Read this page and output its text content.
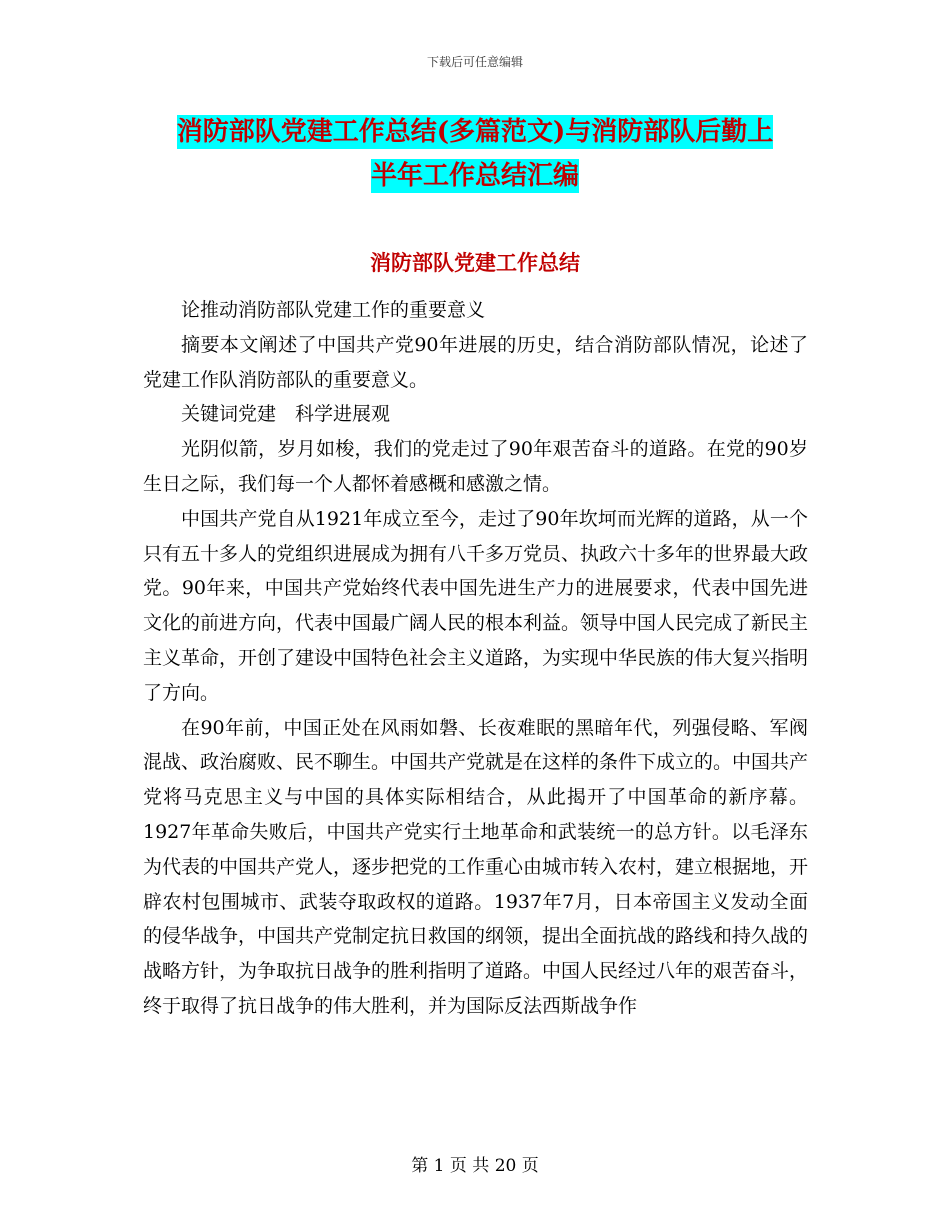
下载后可任意编辑
消防部队党建工作总结(多篇范文)与消防部队后勤上
半年工作总结汇编
消防部队党建工作总结

论推动消防部队党建工作的重要意义

摘要本文阐述了中国共产党90年进展的历史，结合消防部队情况，论述了党建工作队消防部队的重要意义。

关键词党建　科学进展观

光阴似箭，岁月如梭，我们的党走过了90年艰苦奋斗的道路。在党的90岁生日之际，我们每一个人都怀着感概和感激之情。

中国共产党自从1921年成立至今，走过了90年坎坷而光辉的道路，从一个只有五十多人的党组织进展成为拥有八千多万党员、执政六十多年的世界最大政党。90年来，中国共产党始终代表中国先进生产力的进展要求，代表中国先进文化的前进方向，代表中国最广阔人民的根本利益。领导中国人民完成了新民主主义革命，开创了建设中国特色社会主义道路，为实现中华民族的伟大复兴指明了方向。

在90年前，中国正处在风雨如磐、长夜难眠的黑暗年代，列强侵略、军阀混战、政治腐败、民不聊生。中国共产党就是在这样的条件下成立的。中国共产党将马克思主义与中国的具体实际相结合，从此揭开了中国革命的新序幕。1927年革命失败后，中国共产党实行土地革命和武装统一的总方针。以毛泽东为代表的中国共产党人，逐步把党的工作重心由城市转入农村，建立根据地，开辟农村包围城市、武装夺取政权的道路。1937年7月，日本帝国主义发动全面的侵华战争，中国共产党制定抗日救国的纲领，提出全面抗战的路线和持久战的战略方针，为争取抗日战争的胜利指明了道路。中国人民经过八年的艰苦奋斗，终于取得了抗日战争的伟大胜利，并为国际反法西斯战争作

第 1 页 共 20 页
